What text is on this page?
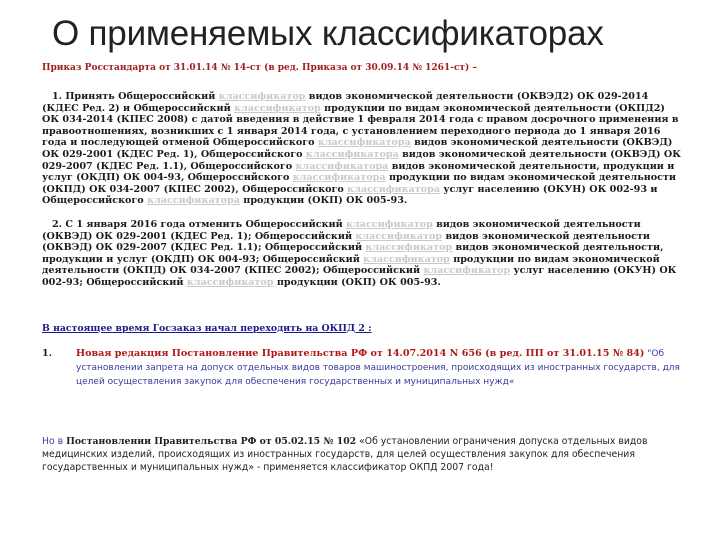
О применяемых классификаторах
Приказ Росстандарта от 31.01.14 № 14-ст (в ред. Приказа от 30.09.14 № 1261-ст) –
1. Принять Общероссийский классификатор видов экономической деятельности (ОКВЭД2) ОК 029-2014 (КДЕС Ред. 2) и Общероссийский классификатор продукции по видам экономической деятельности (ОКПД2) ОК 034-2014 (КПЕС 2008) с датой введения в действие 1 февраля 2014 года с правом досрочного применения в правоотношениях, возникших с 1 января 2014 года, с установлением переходного периода до 1 января 2016 года и последующей отменой Общероссийского классификатора видов экономической деятельности (ОКВЭД) ОК 029-2001 (КДЕС Ред. 1), Общероссийского классификатора видов экономической деятельности (ОКВЭД) ОК 029-2007 (КДЕС Ред. 1.1), Общероссийского классификатора видов экономической деятельности, продукции и услуг (ОКДП) ОК 004-93, Общероссийского классификатора продукции по видам экономической деятельности (ОКПД) ОК 034-2007 (КПЕС 2002), Общероссийского классификатора услуг населению (ОКУН) ОК 002-93 и Общероссийского классификатора продукции (ОКП) ОК 005-93.
2. С 1 января 2016 года отменить Общероссийский классификатор видов экономической деятельности (ОКВЭД) ОК 029-2001 (КДЕС Ред. 1); Общероссийский классификатор видов экономической деятельности (ОКВЭД) ОК 029-2007 (КДЕС Ред. 1.1); Общероссийский классификатор видов экономической деятельности, продукции и услуг (ОКДП) ОК 004-93; Общероссийский классификатор продукции по видам экономической деятельности (ОКПД) ОК 034-2007 (КПЕС 2002); Общероссийский классификатор услуг населению (ОКУН) ОК 002-93; Общероссийский классификатор продукции (ОКП) ОК 005-93.
В настоящее время Госзаказ начал переходить на ОКПД 2 :
1.	Новая редакция Постановление Правительства РФ от 14.07.2014 N 656 (в ред. ПП от 31.01.15 № 84) "Об установлении запрета на допуск отдельных видов товаров машиностроения, происходящих из иностранных государств, для целей осуществления закупок для обеспечения государственных и муниципальных нужд«
Но в Постановлении Правительства РФ от 05.02.15 № 102 «Об установлении ограничения допуска отдельных видов медицинских изделий, происходящих из иностранных государств, для целей осуществления закупок для обеспечения государственных и муниципальных нужд» - применяется классификатор ОКПД 2007 года!
